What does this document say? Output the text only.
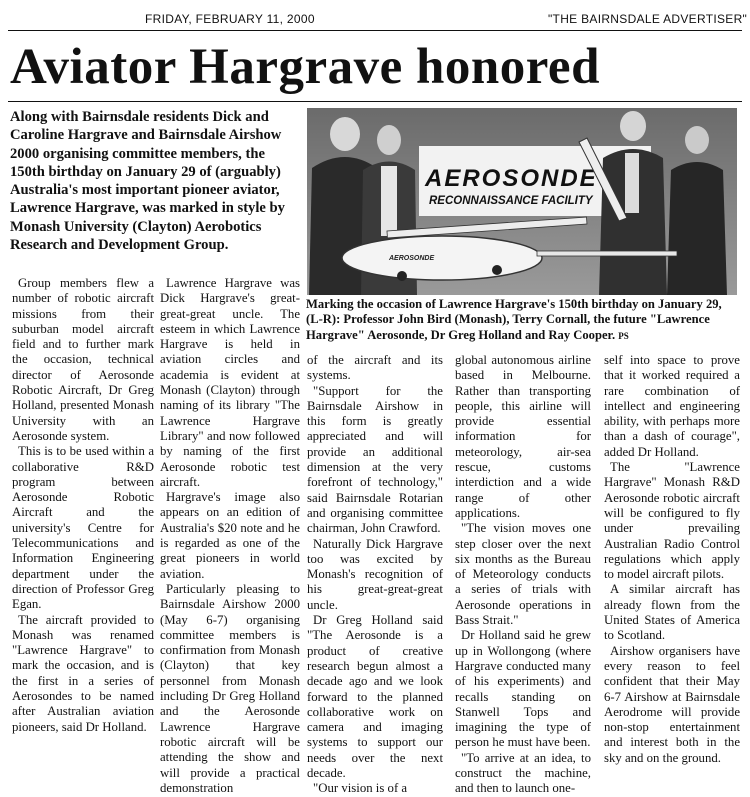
FRIDAY, FEBRUARY 11, 2000	"THE BAIRNSDALE ADVERTISER"
Aviator Hargrave honored
Along with Bairnsdale residents Dick and Caroline Hargrave and Bairnsdale Airshow 2000 organising committee members, the 150th birthday on January 29 of (arguably) Australia's most important pioneer aviator, Lawrence Hargrave, was marked in style by Monash University (Clayton) Aerobotics Research and Development Group.
AEROSONDE
RECONNAISSANCE FACILITY
AEROSONDE
Marking the occasion of Lawrence Hargrave's 150th birthday on January 29, (L-R): Professor John Bird (Monash), Terry Cornall, the future "Lawrence Hargrave" Aerosonde, Dr Greg Holland and Ray Cooper. PS

Group members flew a number of robotic aircraft missions from their suburban model aircraft field and to further mark the occasion, technical director of Aerosonde Robotic Aircraft, Dr Greg Holland, presented Monash University with an Aerosonde system.

This is to be used within a collaborative R&D program between Aerosonde Robotic Aircraft and the university's Centre for Telecommunications and Information Engineering department under the direction of Professor Greg Egan.

The aircraft provided to Monash was renamed "Lawrence Hargrave" to mark the occasion, and is the first in a series of Aerosondes to be named after Australian aviation pioneers, said Dr Holland.

Lawrence Hargrave was Dick Hargrave's great-great-great uncle. The esteem in which Lawrence Hargrave is held in aviation circles and academia is evident at Monash (Clayton) through naming of its library "The Lawrence Hargrave Library" and now followed by naming of the first Aerosonde robotic test aircraft.

Hargrave's image also appears on an edition of Australia's $20 note and he is regarded as one of the great pioneers in world aviation.

Particularly pleasing to Bairnsdale Airshow 2000 (May 6-7) organising committee members is confirmation from Monash (Clayton) that key personnel from Monash including Dr Greg Holland and the Aerosonde Lawrence Hargrave robotic aircraft will be attending the show and will provide a practical demonstration

of the aircraft and its systems.

"Support for the Bairnsdale Airshow in this form is greatly appreciated and will provide an additional dimension at the very forefront of technology," said Bairnsdale Rotarian and organising committee chairman, John Crawford.

Naturally Dick Hargrave too was excited by Monash's recognition of his great-great-great uncle.

Dr Greg Holland said "The Aerosonde is a product of creative research begun almost a decade ago and we look forward to the planned collaborative work on camera and imaging systems to support our needs over the next decade.

"Our vision is of a

global autonomous airline based in Melbourne. Rather than transporting people, this airline will provide essential information for meteorology, air-sea rescue, customs interdiction and a wide range of other applications.

"The vision moves one step closer over the next six months as the Bureau of Meteorology conducts a series of trials with Aerosonde operations in Bass Strait."

Dr Holland said he grew up in Wollongong (where Hargrave conducted many of his experiments) and recalls standing on Stanwell Tops and imagining the type of person he must have been.

"To arrive at an idea, to construct the machine, and then to launch one-

self into space to prove that it worked required a rare combination of intellect and engineering ability, with perhaps more than a dash of courage", added Dr Holland.

The "Lawrence Hargrave" Monash R&D Aerosonde robotic aircraft will be configured to fly under prevailing Australian Radio Control regulations which apply to model aircraft pilots.

A similar aircraft has already flown from the United States of America to Scotland.

Airshow organisers have every reason to feel confident that their May 6-7 Airshow at Bairnsdale Aerodrome will provide non-stop entertainment and interest both in the sky and on the ground.
